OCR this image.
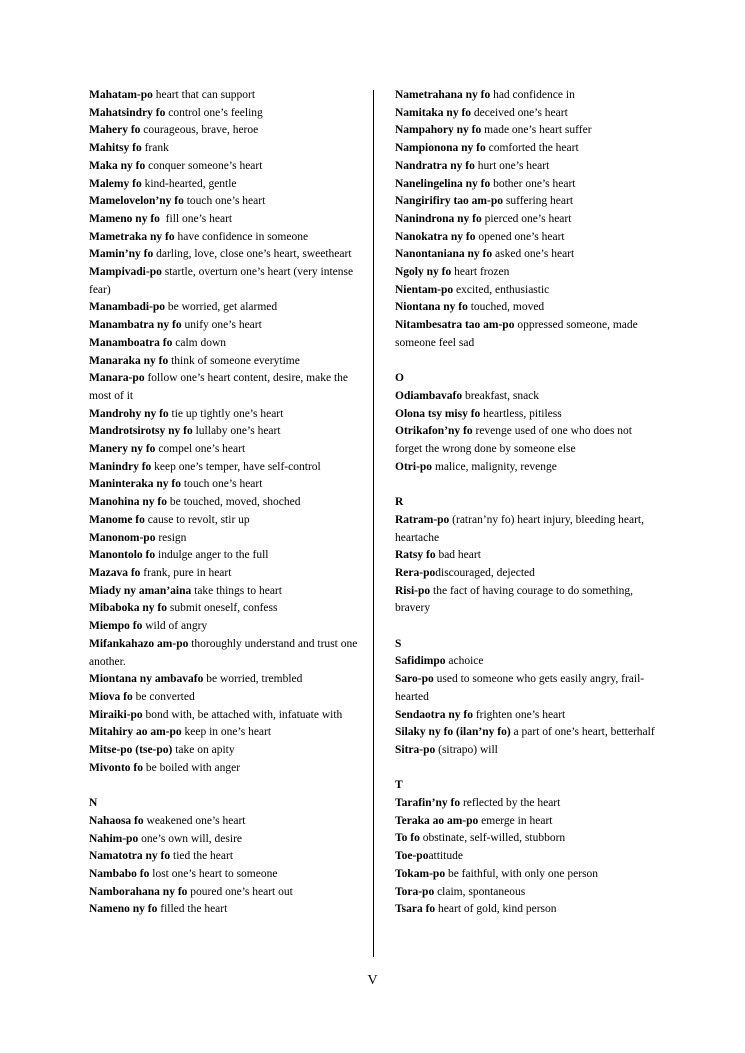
Mahatam-po heart that can support
Mahatsindry fo control one’s feeling
Mahery fo courageous, brave, heroe
Mahitsy fo frank
Maka ny fo conquer someone’s heart
Malemy fo kind-hearted, gentle
Mamelovelon’ny fo touch one’s heart
Mameno ny fo  fill one’s heart
Mametraka ny fo have confidence in someone
Mamin’ny fo darling, love, close one’s heart, sweetheart
Mampivadi-po startle, overturn one’s heart (very intense fear)
Manambadi-po be worried, get alarmed
Manambatra ny fo unify one’s heart
Manamboatra fo calm down
Manaraka ny fo think of someone everytime
Manara-po follow one’s heart content, desire, make the most of it
Mandrohy ny fo tie up tightly one’s heart
Mandrotsirotsy ny fo lullaby one’s heart
Manery ny fo compel one’s heart
Manindry fo keep one’s temper, have self-control
Maninteraka ny fo touch one’s heart
Manohina ny fo be touched, moved, shoched
Manome fo cause to revolt, stir up
Manonom-po resign
Manontolo fo indulge anger to the full
Mazava fo frank, pure in heart
Miady ny aman’aina take things to heart
Mibaboka ny fo submit oneself, confess
Miempo fo wild of angry
Mifankahazo am-po thoroughly understand and trust one another.
Miontana ny ambavafo be worried, trembled
Miova fo be converted
Miraiki-po bond with, be attached with, infatuate with
Mitahiry ao am-po keep in one’s heart
Mitse-po (tse-po) take on apity
Mivonto fo be boiled with anger
N
Nahaosa fo weakened one’s heart
Nahim-po one’s own will, desire
Namatotra ny fo tied the heart
Nambabo fo lost one’s heart to someone
Namborahana ny fo poured one’s heart out
Nameno ny fo filled the heart
Nametrahana ny fo had confidence in
Namitaka ny fo deceived one’s heart
Nampahory ny fo made one’s heart suffer
Nampionona ny fo comforted the heart
Nandratra ny fo hurt one’s heart
Nanelingelina ny fo bother one’s heart
Nangirifiry tao am-po suffering heart
Nanindrona ny fo pierced one’s heart
Nanokatra ny fo opened one’s heart
Nanontaniana ny fo asked one’s heart
Ngoly ny fo heart frozen
Nientam-po excited, enthusiastic
Niontana ny fo touched, moved
Nitambesatra tao am-po oppressed someone, made someone feel sad
O
Odiambavafo breakfast, snack
Olona tsy misy fo heartless, pitiless
Otrikafon’ny fo revenge used of one who does not forget the wrong done by someone else
Otri-po malice, malignity, revenge
R
Ratram-po (ratran’ny fo) heart injury, bleeding heart, heartache
Ratsy fo bad heart
Rera-podiscouraged, dejected
Risi-po the fact of having courage to do something, bravery
S
Safidimpo achoice
Saro-po used to someone who gets easily angry, frail-hearted
Sendaotra ny fo frighten one’s heart
Silaky ny fo (ilan’ny fo) a part of one’s heart, betterhalf
Sitra-po (sitrapo) will
T
Tarafin’ny fo reflected by the heart
Teraka ao am-po emerge in heart
To fo obstinate, self-willed, stubborn
Toe-poattitude
Tokam-po be faithful, with only one person
Tora-po claim, spontaneous
Tsara fo heart of gold, kind person
V
